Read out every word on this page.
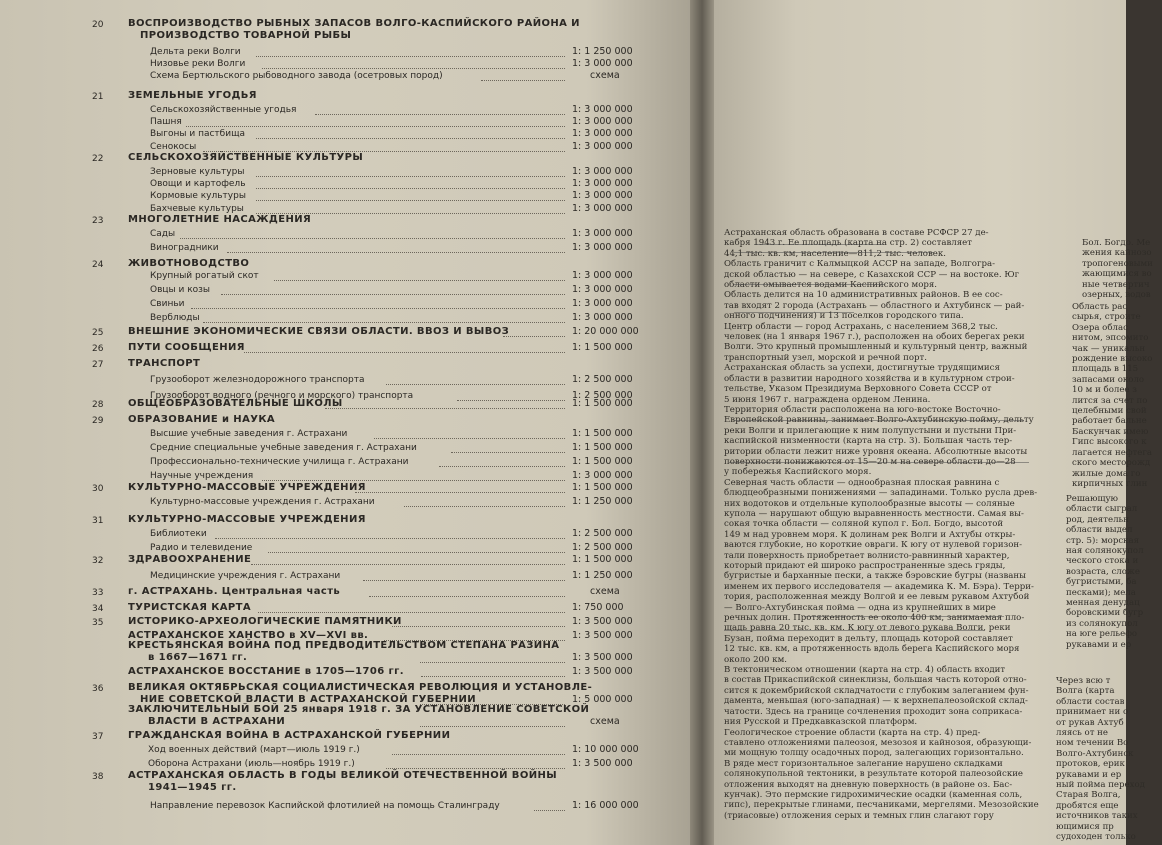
20 ВОСПРОИЗВОДСТВО РЫБНЫХ ЗАПАСОВ ВОЛГО-КАСПИЙСКОГО РАЙОНА И
ПРОИЗВОДСТВО ТОВАРНОЙ РЫБЫ
Дельта реки Волги	1: 1 250 000
Низовье реки Волги	1: 3 000 000
Схема Бертюльского рыбоводного завода (осетровых пород)	схема
21 ЗЕМЕЛЬНЫЕ УГОДЬЯ
Сельскохозяйственные угодья	1: 3 000 000
Пашня	1: 3 000 000
Выгоны и пастбища	1: 3 000 000
Сенокосы	1: 3 000 000
22 СЕЛЬСКОХОЗЯЙСТВЕННЫЕ КУЛЬТУРЫ
Зерновые культуры	1: 3 000 000
Овощи и картофель	1: 3 000 000
Кормовые культуры	1: 3 000 000
Бахчевые культуры	1: 3 000 000
23 МНОГОЛЕТНИЕ НАСАЖДЕНИЯ
Сады	1: 3 000 000
Виноградники	1: 3 000 000
24 ЖИВОТНОВОДСТВО
Крупный рогатый скот	1: 3 000 000
Овцы и козы	1: 3 000 000
Свиньи	1: 3 000 000
Верблюды	1: 3 000 000
25 ВНЕШНИЕ ЭКОНОМИЧЕСКИЕ СВЯЗИ ОБЛАСТИ. ВВОЗ И ВЫВОЗ	1: 20 000 000
26 ПУТИ СООБЩЕНИЯ	1: 1 500 000
27 ТРАНСПОРТ
Грузооборот железнодорожного транспорта	1: 2 500 000
Грузооборот водного (речного и морского) транспорта	1: 2 500 000
28 ОБЩЕОБРАЗОВАТЕЛЬНЫЕ ШКОЛЫ	1: 1 500 000
29 ОБРАЗОВАНИЕ и НАУКА
Высшие учебные заведения г. Астрахани	1: 1 500 000
Средние специальные учебные заведения г. Астрахани	1: 1 500 000
Профессионально-технические училища г. Астрахани	1: 1 500 000
Научные учреждения	1: 3 000 000
30 КУЛЬТУРНО-МАССОВЫЕ УЧРЕЖДЕНИЯ	1: 1 500 000
Культурно-массовые учреждения г. Астрахани	1: 1 250 000
31 КУЛЬТУРНО-МАССОВЫЕ УЧРЕЖДЕНИЯ
Библиотеки	1: 2 500 000
Радио и телевидение	1: 2 500 000
32 ЗДРАВООХРАНЕНИЕ	1: 1 500 000
Медицинские учреждения г. Астрахани	1: 1 250 000
33 г. АСТРАХАНЬ. Центральная часть	схема
34 ТУРИСТСКАЯ КАРТА	1: 750 000
35 ИСТОРИКО-АРХЕОЛОГИЧЕСКИЕ ПАМЯТНИКИ	1: 3 500 000
АСТРАХАНСКОЕ ХАНСТВО в XV—XVI вв.	1: 3 500 000
КРЕСТЬЯНСКАЯ ВОЙНА ПОД ПРЕДВОДИТЕЛЬСТВОМ СТЕПАНА РАЗИНА
в 1667—1671 гг.	1: 3 500 000
АСТРАХАНСКОЕ ВОССТАНИЕ в 1705—1706 гг.	1: 3 500 000
36 ВЕЛИКАЯ ОКТЯБРЬСКАЯ СОЦИАЛИСТИЧЕСКАЯ РЕВОЛЮЦИЯ И УСТАНОВЛЕ-
НИЕ СОВЕТСКОЙ ВЛАСТИ В АСТРАХАНСКОЙ ГУБЕРНИИ	1: 5 000 000
ЗАКЛЮЧИТЕЛЬНЫЙ БОЙ 25 января 1918 г. ЗА УСТАНОВЛЕНИЕ СОВЕТСКОЙ
ВЛАСТИ В АСТРАХАНИ	схема
37 ГРАЖДАНСКАЯ ВОЙНА В АСТРАХАНСКОЙ ГУБЕРНИИ
Ход военных действий (март—июль 1919 г.)	1: 10 000 000
Оборона Астрахани (июль—ноябрь 1919 г.)	1: 3 500 000
38 АСТРАХАНСКАЯ ОБЛАСТЬ В ГОДЫ ВЕЛИКОЙ ОТЕЧЕСТВЕННОЙ ВОЙНЫ
1941—1945 гг.
Направление перевозок Каспийской флотилией на помощь Сталинграду	1: 16 000 000
Астраханская область образована в составе РСФСР 27 де-
кабря 1943 г. Ее площадь (карта на стр. 2) составляет
44,1 тыс. кв. км, население—811,2 тыс. человек.
Область граничит с Калмыцкой АССР на западе, Волгогра-
дской областью — на севере, с Казахской ССР — на востоке. Юг
области омывается водами Каспийского моря.
Область делится на 10 административных районов. В ее сос-
тав входят 2 города (Астрахань — областного и Ахтубинск — рай-
онного подчинения) и 13 поселков городского типа.
Центр области — город Астрахань, с населением 368,2 тыс.
человек (на 1 января 1967 г.), расположен на обоих берегах реки
Волги. Это крупный промышленный и культурный центр, важный
транспортный узел, морской и речной порт.
Астраханская область за успехи, достигнутые трудящимися
области в развитии народного хозяйства и в культурном строи-
тельстве, Указом Президиума Верховного Совета СССР от
5 июня 1967 г. награждена орденом Ленина.
Территория области расположена на юго-востоке Восточно-
Европейской равнины, занимает Волго-Ахтубинскую пойму, дельту
реки Волги и прилегающие к ним полупустыни и пустыни При-
каспийской низменности (карта на стр. 3). Большая часть тер-
ритории области лежит ниже уровня океана. Абсолютные высоты
поверхности понижаются от 15—20 м на севере области до—28
у побережья Каспийского моря.
Северная часть области — однообразная плоская равнина с
блюдцеобразными понижениями — западинами. Только русла древ-
них водотоков и отдельные куполообразные высоты — соляные
купола — нарушают общую выравненность местности. Самая вы-
сокая точка области — соляной купол г. Бол. Богдо, высотой
149 м над уровнем моря. К долинам рек Волги и Ахтубы откры-
ваются глубокие, но короткие овраги. К югу от нулевой горизон-
тали поверхность приобретает волнисто-равнинный характер,
который придают ей широко распространенные здесь гряды,
бугристые и барханные пески, а также бэровские бугры (названы
именем их первого исследователя — академика К. М. Бэра). Терри-
тория, расположенная между Волгой и ее левым рукавом Ахтубой
— Волго-Ахтубинская пойма — одна из крупнейших в мире
речных долин. Протяженность ее около 400 км, занимаемая пло-
щадь равна 20 тыс. кв. км. К югу от левого рукава Волги, реки
Бузан, пойма переходит в дельту, площадь которой составляет
12 тыс. кв. км, а протяженность вдоль берега Каспийского моря
около 200 км.
В тектоническом отношении (карта на стр. 4) область входит
в состав Прикаспийской синеклизы, большая часть которой отно-
сится к докембрийской складчатости с глубоким залеганием фун-
дамента, меньшая (юго-западная) — к верхнепалеозойской склад-
чатости. Здесь на границе сочленения проходит зона соприкаса-
ния Русской и Предкавказской платформ.
Геологическое строение области (карта на стр. 4) пред-
ставлено отложениями палеозоя, мезозоя и кайнозоя, образующи-
ми мощную толщу осадочных пород, залегающих горизонтально.
В ряде мест горизонтальное залегание нарушено складками
солянокупольной тектоники, в результате которой палеозойские
отложения выходят на дневную поверхность (в районе оз. Бас-
кунчак). Это пермские гидрохимические осадки (каменная соль,
гипс), перекрытые глинами, песчаниками, мергелями. Мезозойские
(триасовые) отложения серых и темных глин слагают гору
Бол. Богдо. Ме
жения кайнозо
тропогеновыми
жающимися во
ные четвертич
озерных, водов
Область рас
сырья, строите
Озера облас
нитом, эпсомито
чак — уникальн
рождение высоко
площадь в 115
запасами около
10 м и более з
лится за счет по
целебными свой
работает бальне
Баскунчак имею
Гипс высокого к
лагается нефтега
ского месторожд
жилые дома го
кирпичных глин
Решающую
области сыграл
род, деятельн
области выдел
стр. 5): морская
ная солянокупол
ческого стока и
возраста, сложе
бугристыми, ба
песками); мела
менная денудац
боровскими бугр
из солянокупол
на юге рельефо
рукавами и ер
Через всю т
Волга (карта
области состав
принимает ни о
от рукав Ахтуб
ляясь от не
ном течении Во
Волго-Ахтубинск
протоков, ерик
рукавами и ер
ный пойма переход
Старая Волга,
дробятся еще
источников таких
ющимися пр
судоходен только
